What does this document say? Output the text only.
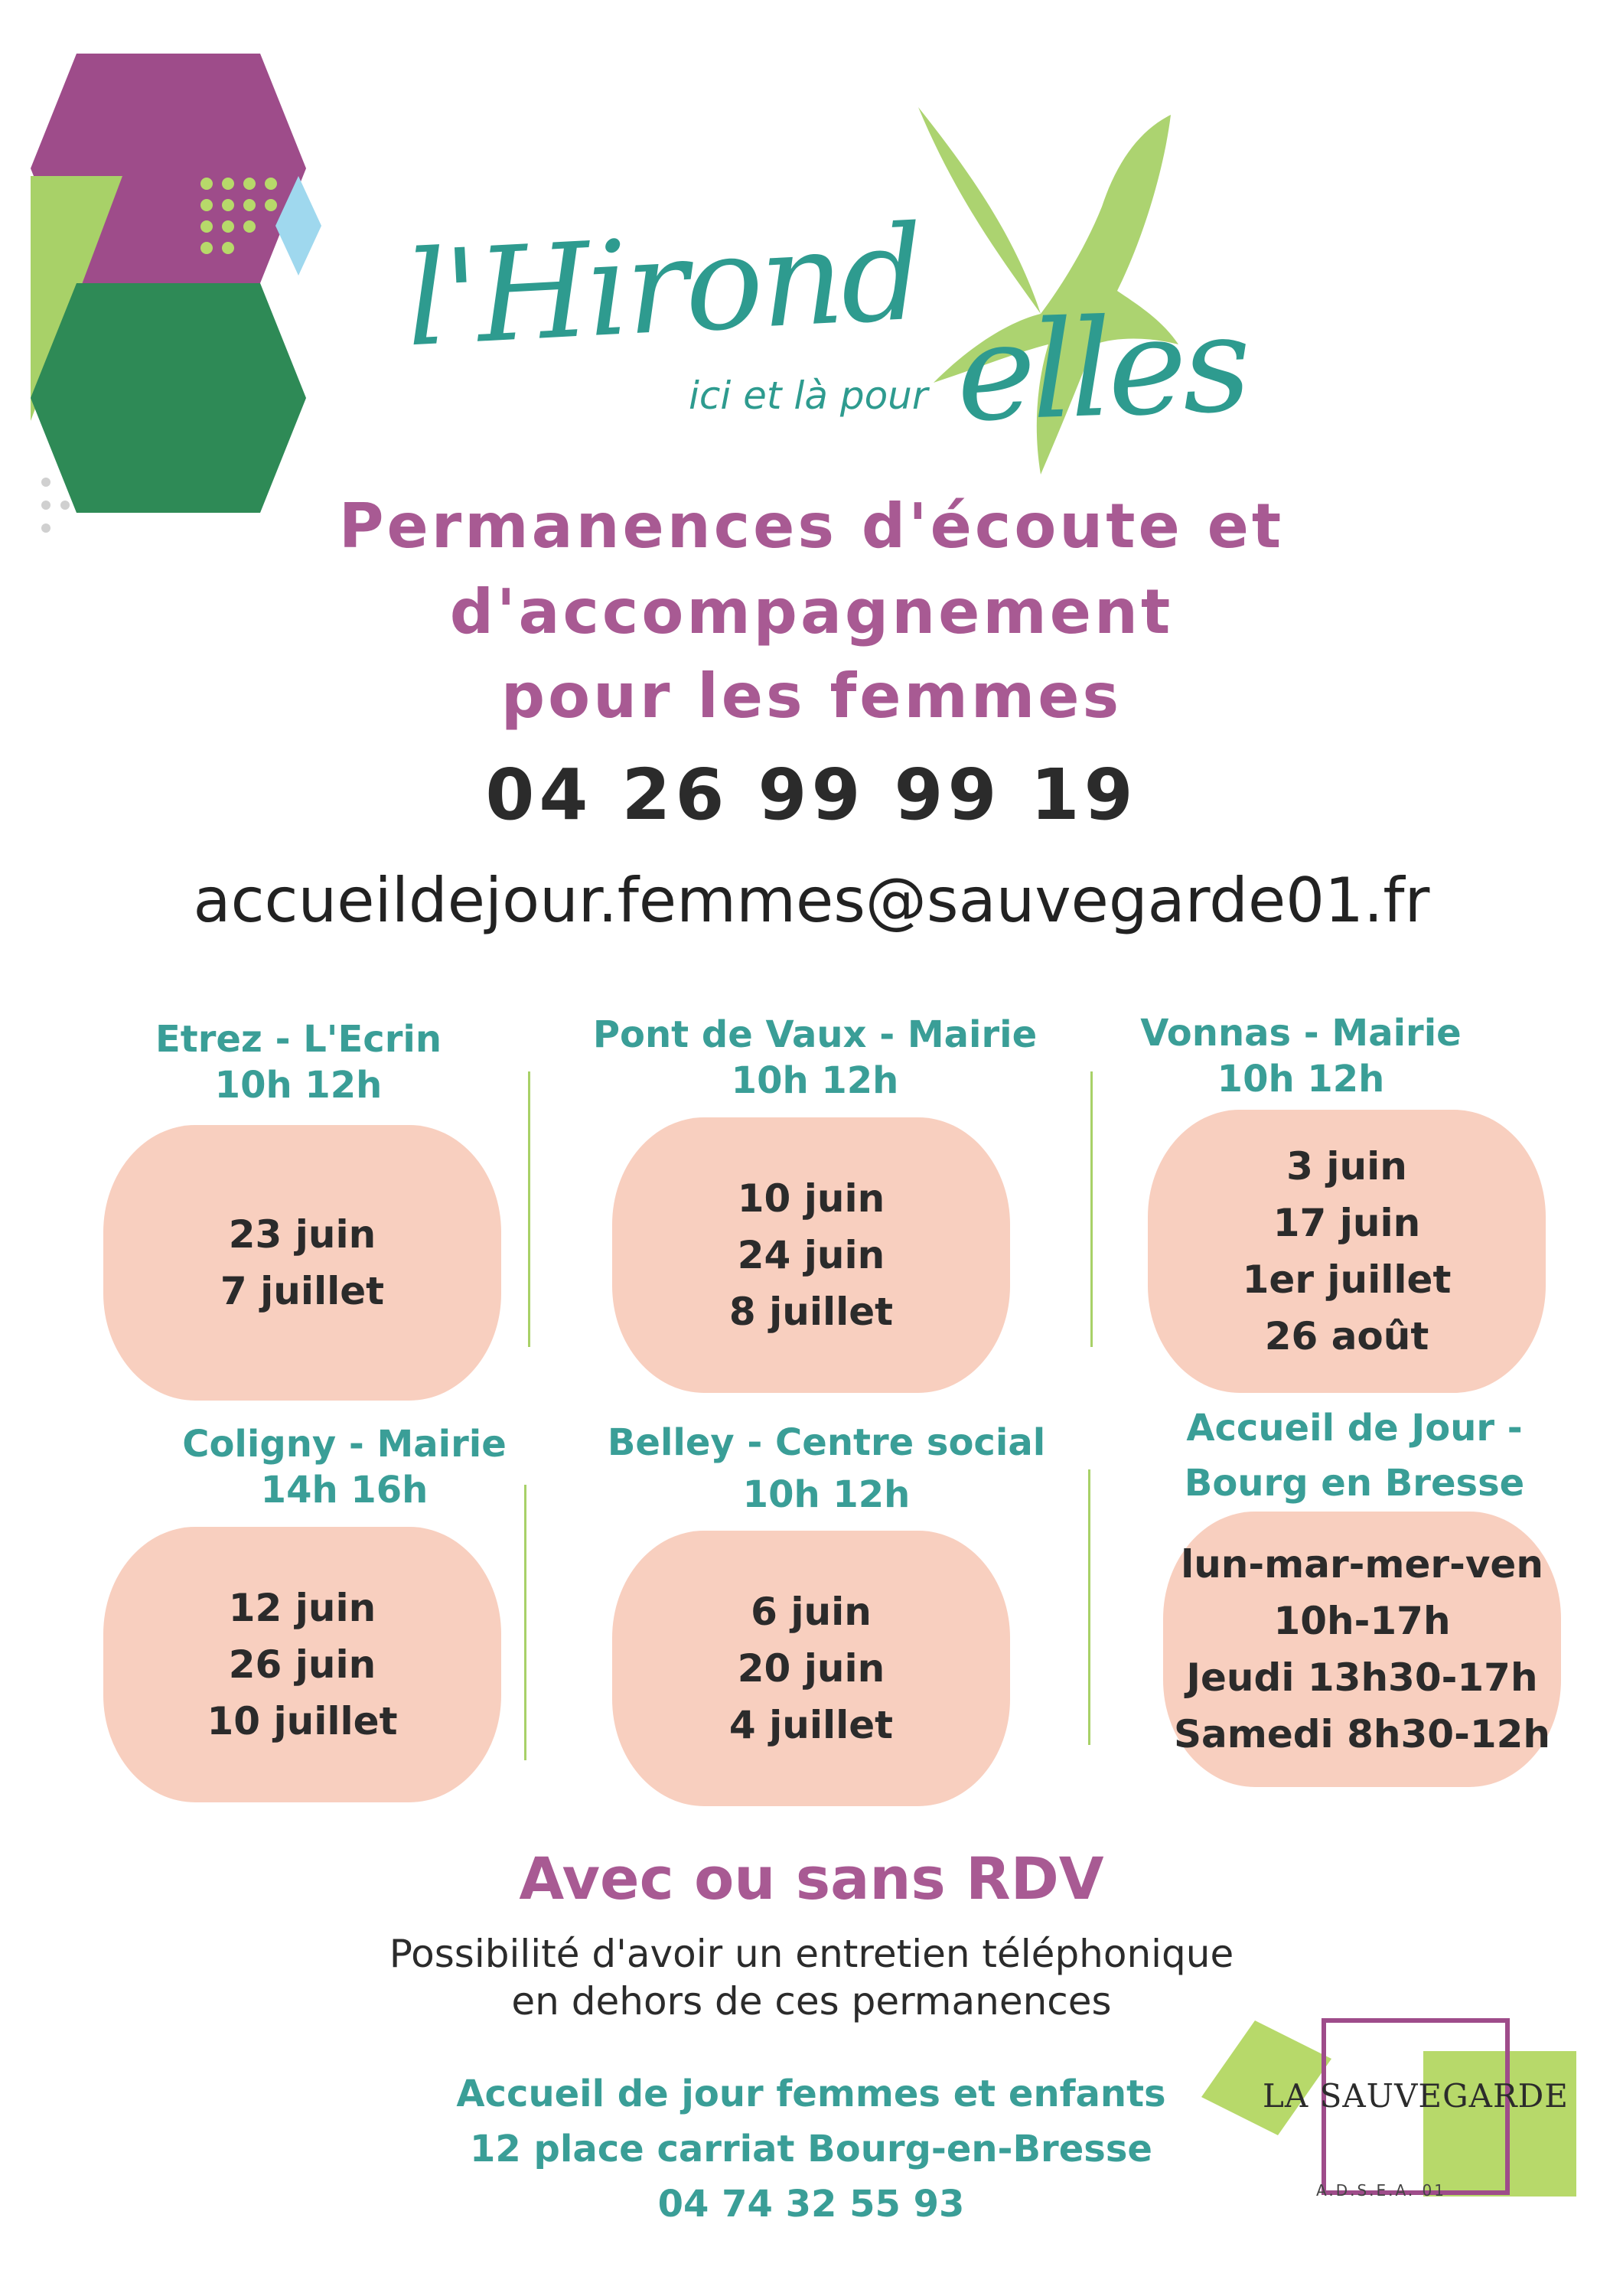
l'Hirond elles
ici et là pour
Permanences d'écoute et
d'accompagnement
pour les femmes
04 26 99 99 19
accueildejour.femmes@sauvegarde01.fr
Etrez - L'Ecrin
10h 12h
23 juin
7 juillet
Pont de Vaux - Mairie
10h 12h
10 juin
24 juin
8 juillet
Vonnas - Mairie
10h 12h
3 juin
17 juin
1er juillet
26 août
Coligny - Mairie
14h 16h
12 juin
26 juin
10 juillet
Belley - Centre social
10h 12h
6 juin
20 juin
4 juillet
Accueil de Jour -
Bourg en Bresse
lun-mar-mer-ven
10h-17h
Jeudi 13h30-17h
Samedi 8h30-12h
Avec ou sans RDV
Possibilité d'avoir un entretien téléphonique
en dehors de ces permanences
Accueil de jour femmes et enfants
12 place carriat Bourg-en-Bresse
04 74 32 55 93
LA SAUVEGARDE
A.D.S.E.A. 01
